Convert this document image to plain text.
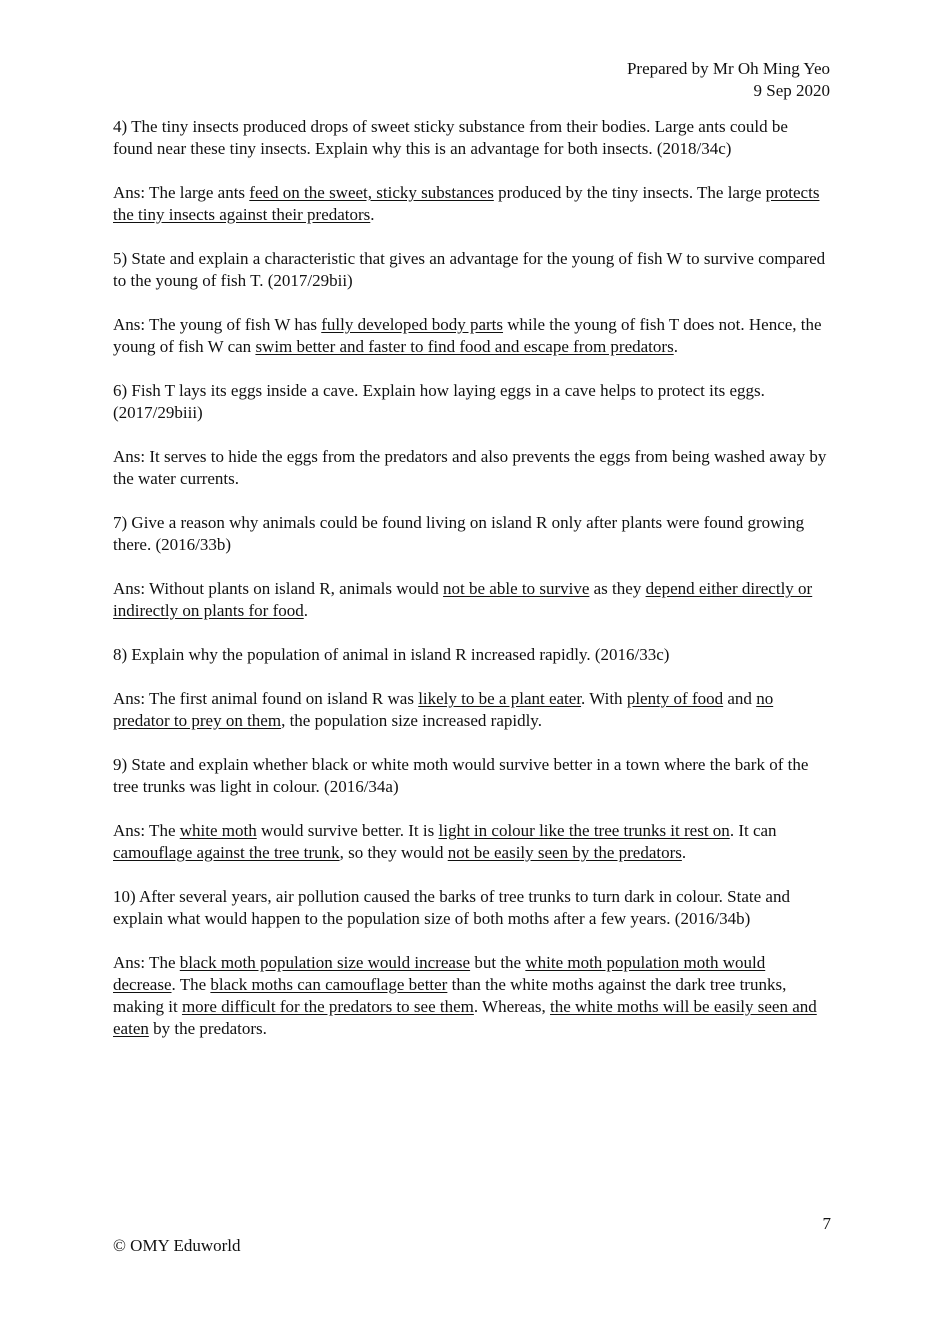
Prepared by Mr Oh Ming Yeo
9 Sep 2020

4) The tiny insects produced drops of sweet sticky substance from their bodies. Large ants could be found near these tiny insects. Explain why this is an advantage for both insects. (2018/34c)

Ans: The large ants feed on the sweet, sticky substances produced by the tiny insects. The large protects the tiny insects against their predators.

5) State and explain a characteristic that gives an advantage for the young of fish W to survive compared to the young of fish T. (2017/29bii)

Ans: The young of fish W has fully developed body parts while the young of fish T does not. Hence, the young of fish W can swim better and faster to find food and escape from predators.

6) Fish T lays its eggs inside a cave. Explain how laying eggs in a cave helps to protect its eggs. (2017/29biii)

Ans: It serves to hide the eggs from the predators and also prevents the eggs from being washed away by the water currents.

7) Give a reason why animals could be found living on island R only after plants were found growing there. (2016/33b)

Ans: Without plants on island R, animals would not be able to survive as they depend either directly or indirectly on plants for food.

8) Explain why the population of animal in island R increased rapidly. (2016/33c)

Ans: The first animal found on island R was likely to be a plant eater. With plenty of food and no predator to prey on them, the population size increased rapidly.

9) State and explain whether black or white moth would survive better in a town where the bark of the tree trunks was light in colour. (2016/34a)

Ans: The white moth would survive better. It is light in colour like the tree trunks it rest on. It can camouflage against the tree trunk, so they would not be easily seen by the predators.

10) After several years, air pollution caused the barks of tree trunks to turn dark in colour. State and explain what would happen to the population size of both moths after a few years. (2016/34b)

Ans: The black moth population size would increase but the white moth population moth would decrease. The black moths can camouflage better than the white moths against the dark tree trunks, making it more difficult for the predators to see them. Whereas, the white moths will be easily seen and eaten by the predators.

7
© OMY Eduworld
